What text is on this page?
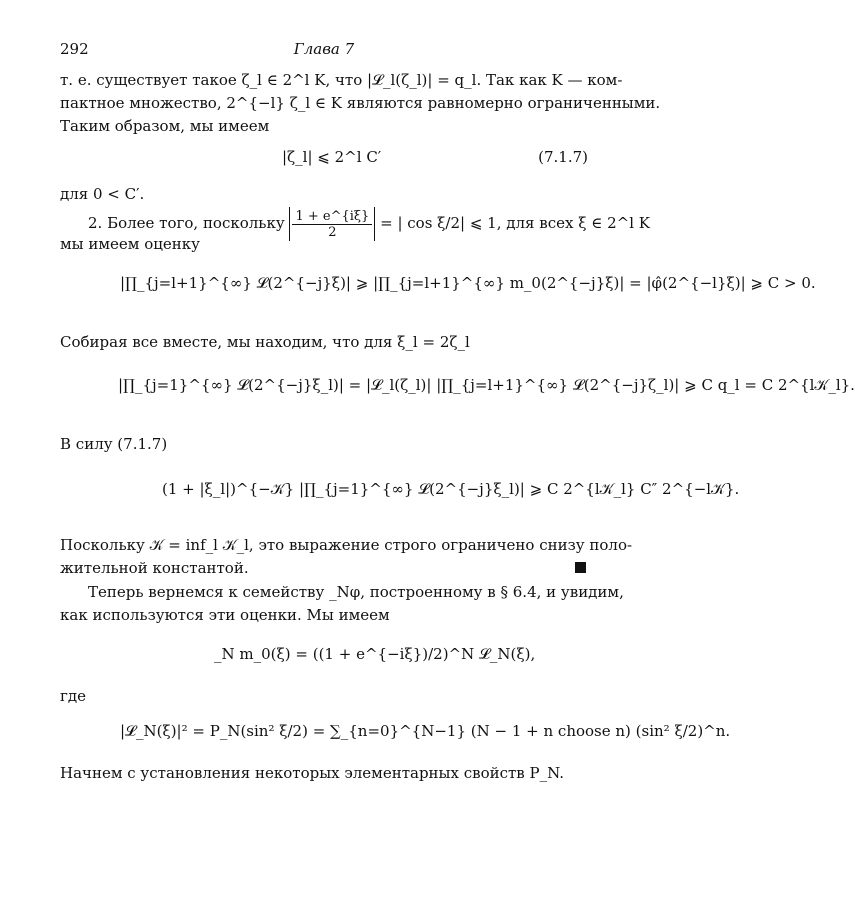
292	Глава 7
т. е. существует такое ζ_l ∈ 2^l K, что |𝓛_l(ζ_l)| = q_l. Так как K — ком-
пактное множество, 2^{−l} ζ_l ∈ K являются равномерно ограниченными.
Таким образом, мы имеем
|ζ_l| ⩽ 2^l C′	(7.1.7)
для 0 < C′.
2. Более того, поскольку $\frac{1 + e\^{}\{i\xi\}}{2}$ = | cos ξ/2| ⩽ 1, для всех ξ ∈ 2^l K
мы имеем оценку
|∏_{j=l+1}^{∞} 𝓛(2^{−j}ξ)| ⩾ |∏_{j=l+1}^{∞} m_0(2^{−j}ξ)| = |φ̂(2^{−l}ξ)| ⩾ C > 0.
Собирая все вместе, мы находим, что для ξ_l = 2ζ_l
|∏_{j=1}^{∞} 𝓛(2^{−j}ξ_l)| = |𝓛_l(ζ_l)| |∏_{j=l+1}^{∞} 𝓛(2^{−j}ζ_l)| ⩾ C q_l = C 2^{l𝒦_l}.
В силу (7.1.7)
(1 + |ξ_l|)^{−𝒦} |∏_{j=1}^{∞} 𝓛(2^{−j}ξ_l)| ⩾ C 2^{l𝒦_l} C″ 2^{−l𝒦}.
Поскольку 𝒦 = inf_l 𝒦_l, это выражение строго ограничено снизу поло-
жительной константой.
Теперь вернемся к семейству _Nφ, построенному в § 6.4, и увидим,
как используются эти оценки. Мы имеем
_N m_0(ξ) = ((1 + e^{−iξ})/2)^N 𝓛_N(ξ),
где
|𝓛_N(ξ)|² = P_N(sin² ξ/2) = ∑_{n=0}^{N−1} (N − 1 + n choose n) (sin² ξ/2)^n.
Начнем с установления некоторых элементарных свойств P_N.
